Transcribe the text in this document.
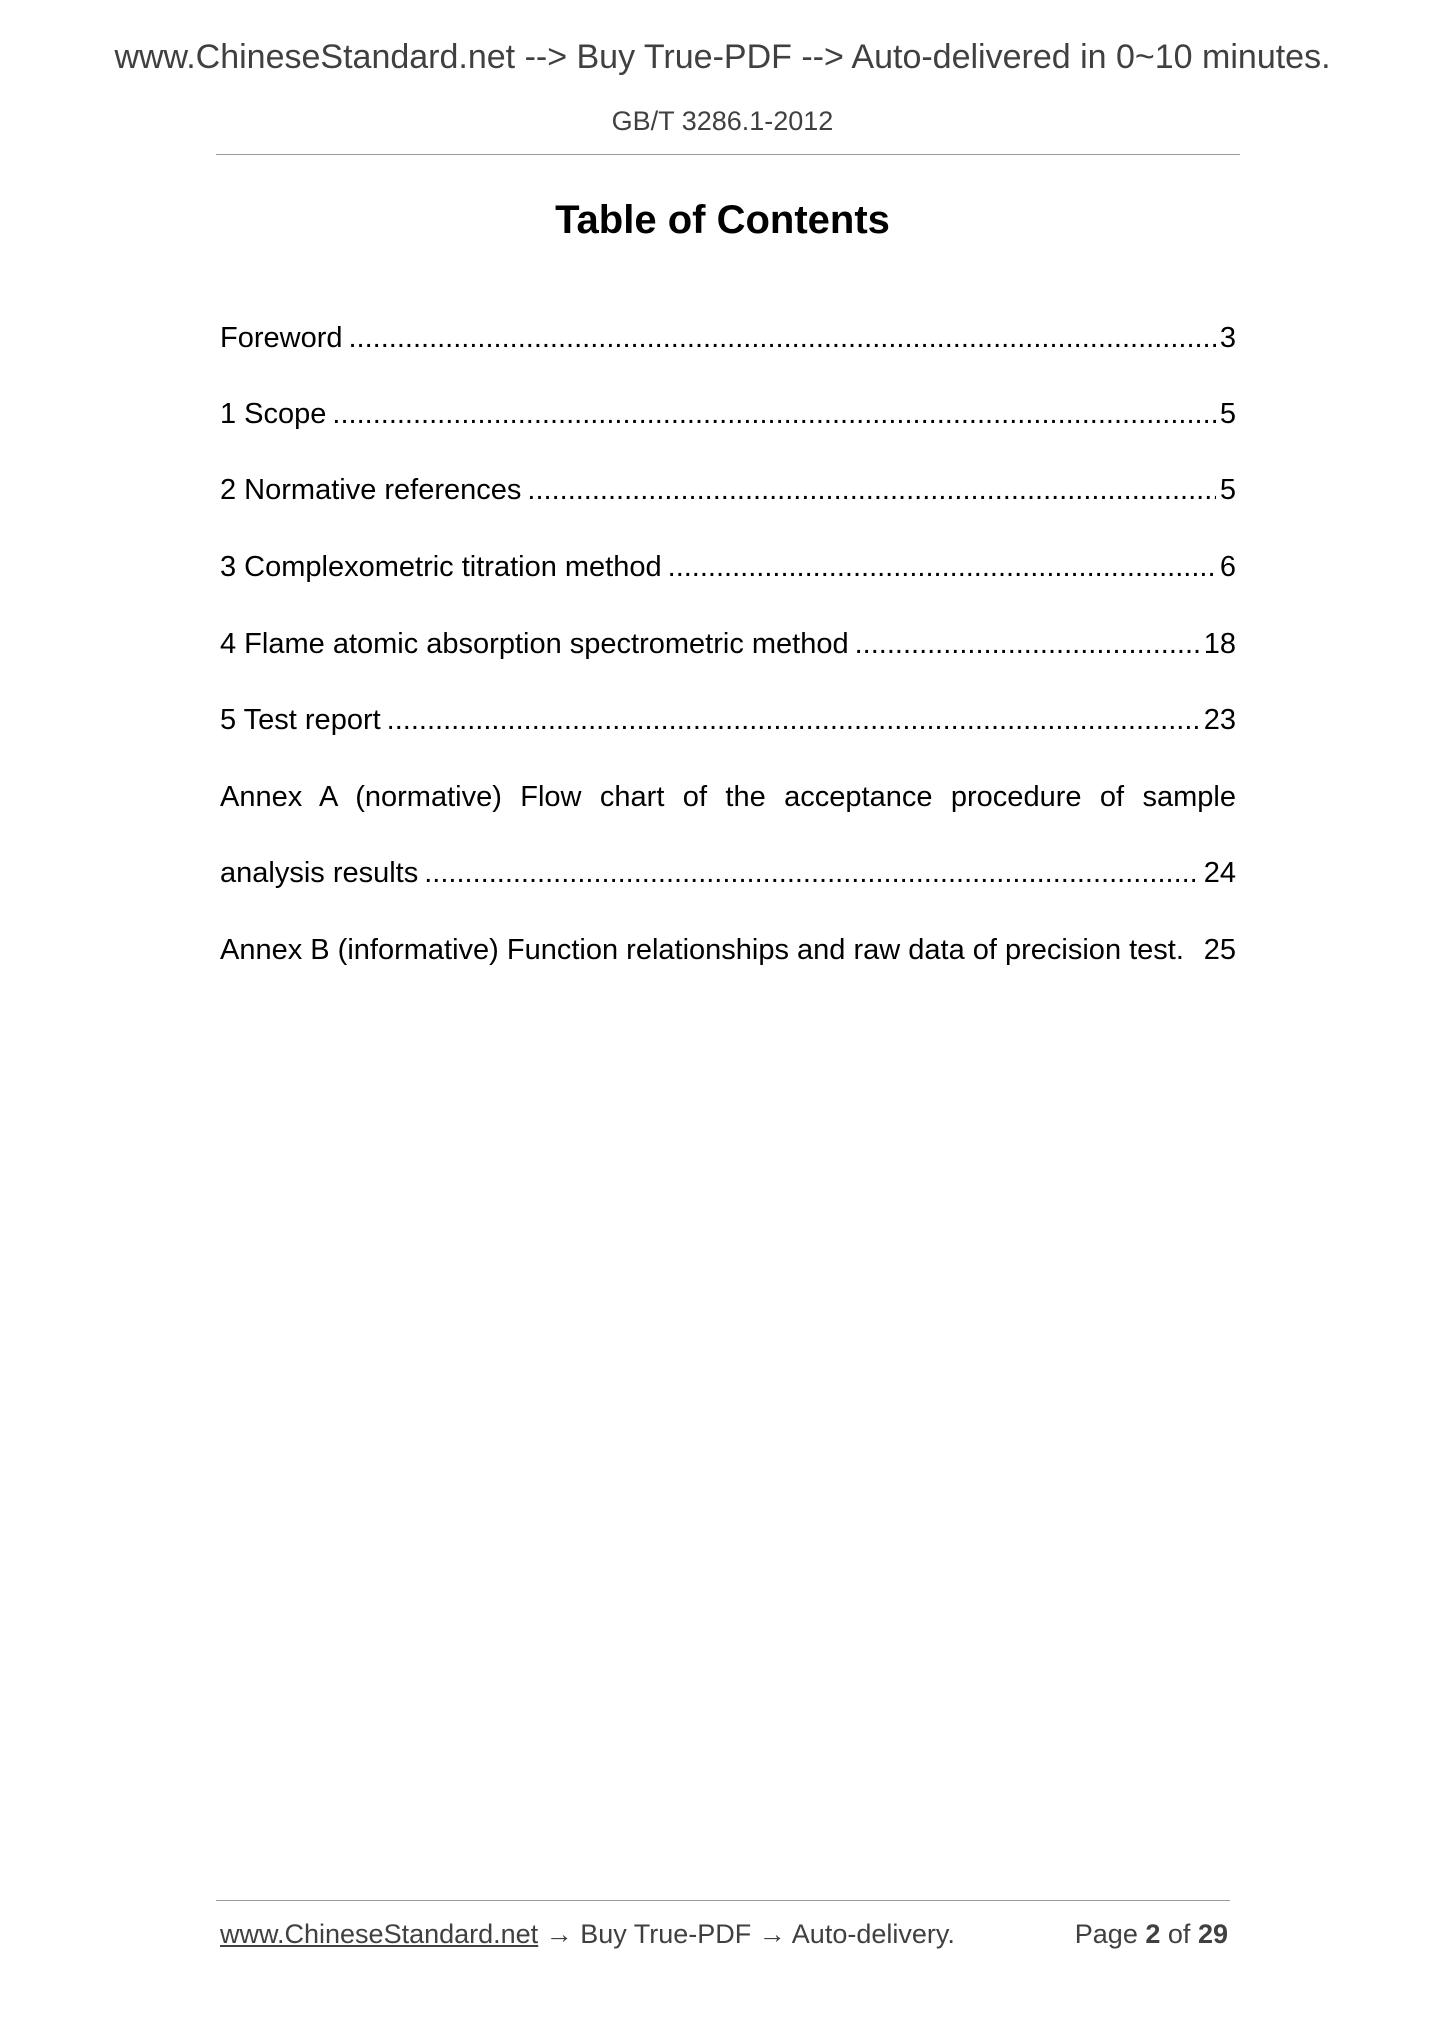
www.ChineseStandard.net --> Buy True-PDF --> Auto-delivered in 0~10 minutes.
GB/T 3286.1-2012
Table of Contents
Foreword .....	3
1 Scope .....	5
2 Normative references .....	5
3 Complexometric titration method .....	6
4 Flame atomic absorption spectrometric method .....	18
5 Test report .....	23
Annex A (normative) Flow chart of the acceptance procedure of sample
analysis results .....	24
Annex B (informative) Function relationships and raw data of precision test. 25
www.ChineseStandard.net → Buy True-PDF → Auto-delivery.	Page 2 of 29
